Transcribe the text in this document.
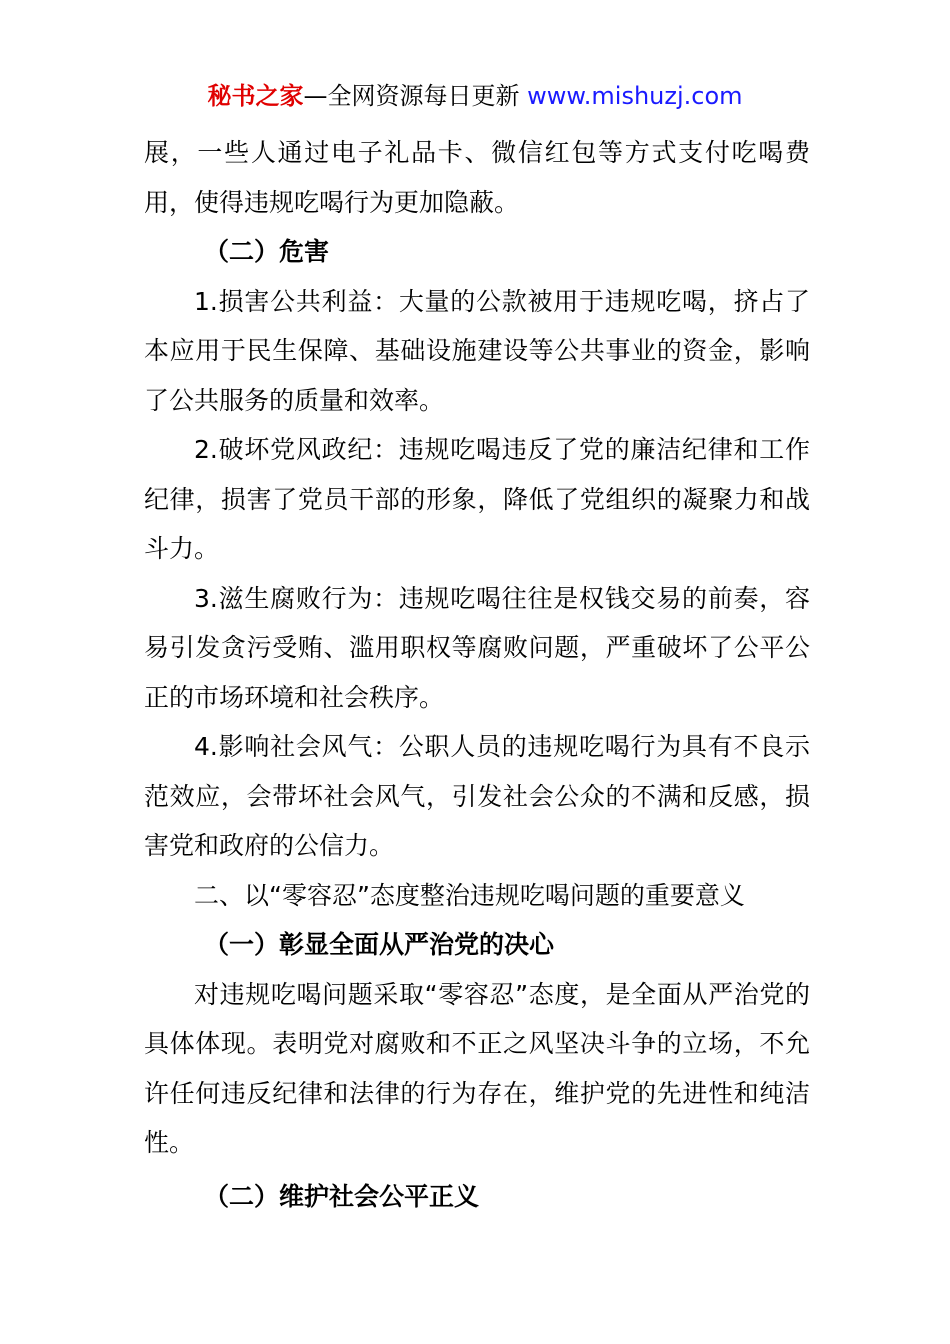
秘书之家—全网资源每日更新 www.mishuzj.com

展，一些人通过电子礼品卡、微信红包等方式支付吃喝费用，使得违规吃喝行为更加隐蔽。

（二）危害

1.损害公共利益：大量的公款被用于违规吃喝，挤占了本应用于民生保障、基础设施建设等公共事业的资金，影响了公共服务的质量和效率。

2.破坏党风政纪：违规吃喝违反了党的廉洁纪律和工作纪律，损害了党员干部的形象，降低了党组织的凝聚力和战斗力。

3.滋生腐败行为：违规吃喝往往是权钱交易的前奏，容易引发贪污受贿、滥用职权等腐败问题，严重破坏了公平公正的市场环境和社会秩序。

4.影响社会风气：公职人员的违规吃喝行为具有不良示范效应，会带坏社会风气，引发社会公众的不满和反感，损害党和政府的公信力。

二、以“零容忍”态度整治违规吃喝问题的重要意义

（一）彰显全面从严治党的决心

对违规吃喝问题采取“零容忍”态度，是全面从严治党的具体体现。表明党对腐败和不正之风坚决斗争的立场，不允许任何违反纪律和法律的行为存在，维护党的先进性和纯洁性。

（二）维护社会公平正义
